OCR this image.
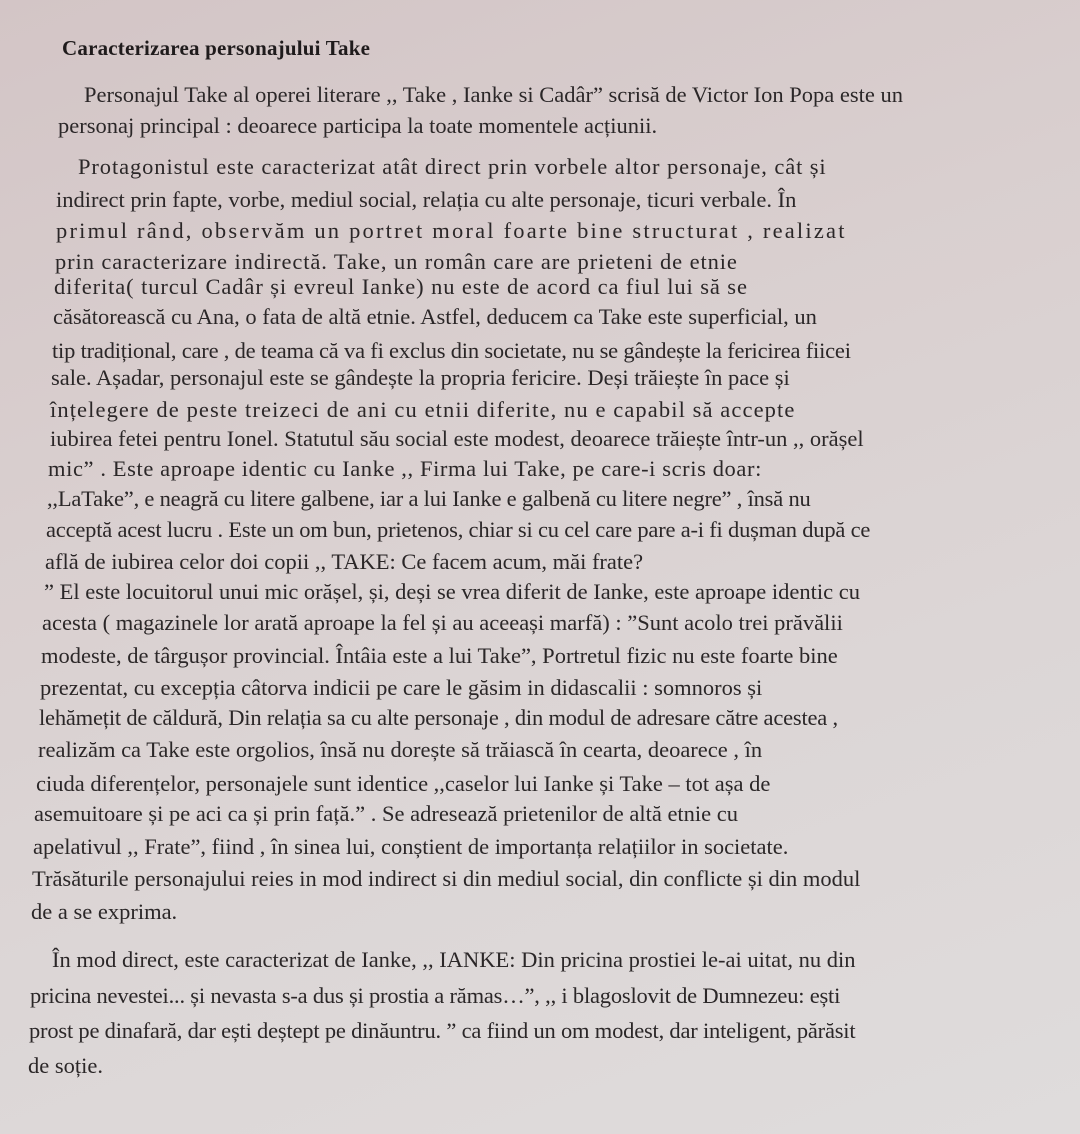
Caracterizarea personajului Take
Personajul Take al operei literare ,, Take , Ianke si Cadâr” scrisă de Victor Ion Popa este un
personaj principal : deoarece participa la toate momentele acțiunii.
Protagonistul este caracterizat atât direct prin vorbele altor personaje, cât și
indirect prin fapte, vorbe, mediul social, relația cu alte personaje, ticuri verbale. În
primul rând, observăm un portret moral foarte bine structurat , realizat
prin caracterizare indirectă. Take, un român care are prieteni de etnie
diferita( turcul Cadâr și evreul Ianke) nu este de acord ca fiul lui să se
căsătorească cu Ana, o fata de altă etnie. Astfel, deducem ca Take este superficial, un
tip tradițional, care , de teama că va fi exclus din societate, nu se gândește la fericirea fiicei
sale. Așadar, personajul este se gândește la propria fericire. Deși trăiește în pace și
înțelegere de peste treizeci de ani cu etnii diferite, nu e capabil să accepte
iubirea fetei pentru Ionel. Statutul său social este modest, deoarece trăiește într-un ,, orășel
mic” . Este aproape identic cu Ianke ,, Firma lui Take, pe care-i scris doar:
,,LaTake”, e neagră cu litere galbene, iar a lui Ianke e galbenă cu litere negre” , însă nu
acceptă acest lucru . Este un om bun, prietenos, chiar si cu cel care pare a-i fi dușman după ce
află de iubirea celor doi copii ,, TAKE: Ce facem acum, măi frate?
” El este locuitorul unui mic orășel, și, deși se vrea diferit de Ianke, este aproape identic cu
acesta ( magazinele lor arată aproape la fel și au aceeași marfă) : ”Sunt acolo trei prăvălii
modeste, de târgușor provincial. Întâia este a lui Take”, Portretul fizic nu este foarte bine
prezentat, cu excepția câtorva indicii pe care le găsim in didascalii : somnoros și
lehămețit de căldură, Din relația sa cu alte personaje , din modul de adresare către acestea ,
realizăm ca Take este orgolios, însă nu dorește să trăiască în cearta, deoarece , în
ciuda diferențelor, personajele sunt identice ,,caselor lui Ianke și Take – tot așa de
asemuitoare și pe aci ca și prin față.” . Se adresează prietenilor de altă etnie cu
apelativul ,, Frate”, fiind , în sinea lui, conștient de importanța relațiilor in societate.
Trăsăturile personajului reies in mod indirect si din mediul social, din conflicte și din modul
de a se exprima.
În mod direct, este caracterizat de Ianke, ,, IANKE: Din pricina prostiei le-ai uitat, nu din
pricina nevestei... și nevasta s-a dus și prostia a rămas…”, ,, i blagoslovit de Dumnezeu: ești
prost pe dinafară, dar ești deștept pe dinăuntru. ” ca fiind un om modest, dar inteligent, părăsit
de soție.
